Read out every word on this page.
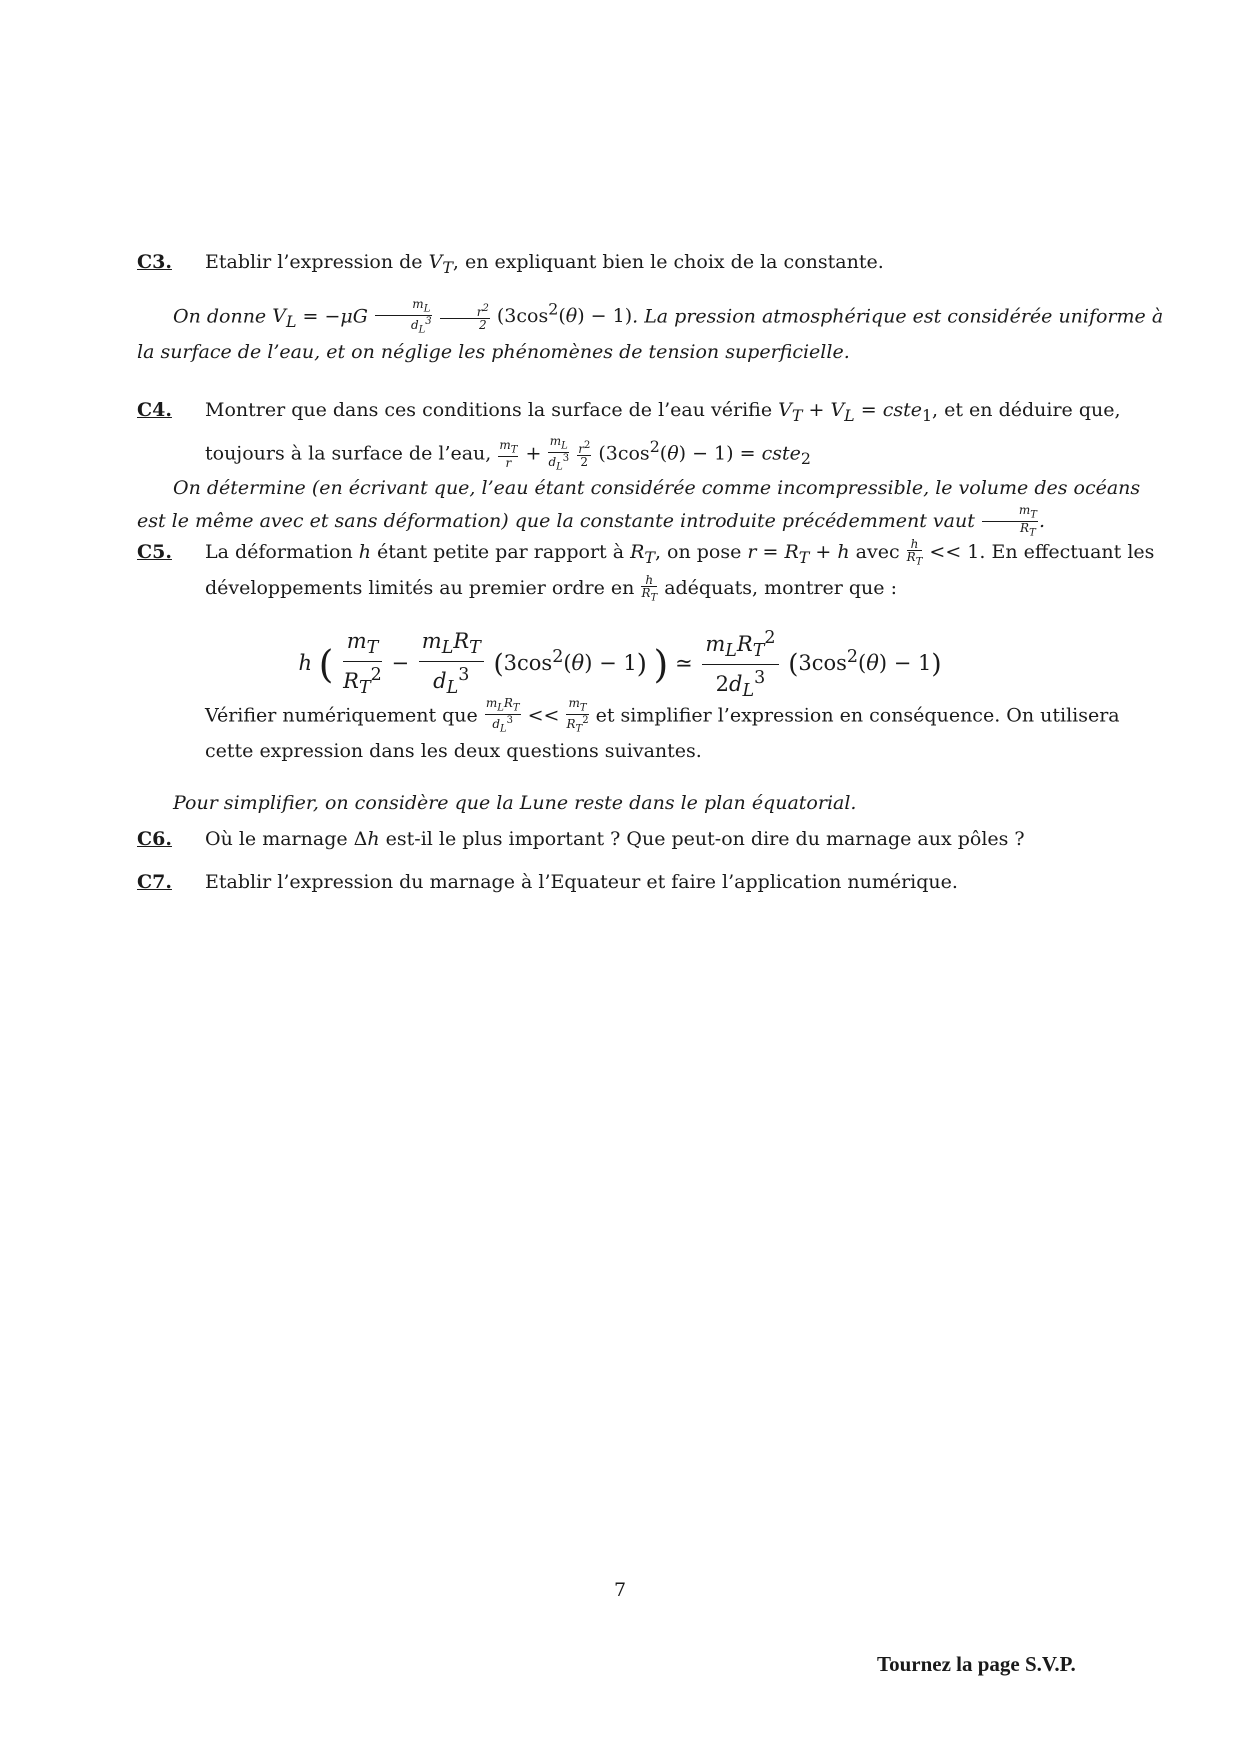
C3. Etablir l’expression de $V_T$, en expliquant bien le choix de la constante.
On donne $V_L = -\mu G \frac{m_L}{d_L^3}$
$\frac{r^2}{2} (3\cos^2(\theta) - 1)$. La pression atmosphérique est considérée uniforme à la surface de l’eau, et on néglige les phénomènes de tension superficielle.
C4. Montrer que dans ces conditions la surface de l’eau vérifie $V_T + V_L$ = cste$_1$, et en déduire que, toujours à la surface de l’eau, $\frac{m_T}{r} + \frac{m_L}{d_L^3}$
$\frac{r^2}{2} (3\cos^2(\theta) - 1)$ = cste$_2$
On détermine (en écrivant que, l’eau étant considérée comme incompressible, le volume des océans est le même avec et sans déformation) que la constante introduite précédemment vaut $\frac{m_T}{R_T}$ .
C5. La déformation h étant petite par rapport à $R_T$, on pose $r = R_T + h$ avec $\frac{h}{R_T} << 1$. En effectuant les développements limités au premier ordre en $\frac{h}{R_T}$ adéquats, montrer que :
h ( $\frac{m_T}{R_T^2}$ −
$m_LR_T$
$d_L^3$ $(3\cos^2(\theta) - 1)$ ) ≃
$m_LR_T^2$
$2d_L^3$ $(3\cos^2(\theta) - 1)$
Vérifier numériquement que
$m_LR_T$
$d_L^3 << \frac{m_T}{R_T^2}$ et simplifier l’expression en conséquence. On utilisera cette expression dans les deux questions suivantes.
Pour simplifier, on considère que la Lune reste dans le plan équatorial.
C6. Où le marnage Δh est-il le plus important ? Que peut-on dire du marnage aux pôles ?
C7. Etablir l’expression du marnage à l’Equateur et faire l’application numérique.
7
Tournez la page S.V.P.
